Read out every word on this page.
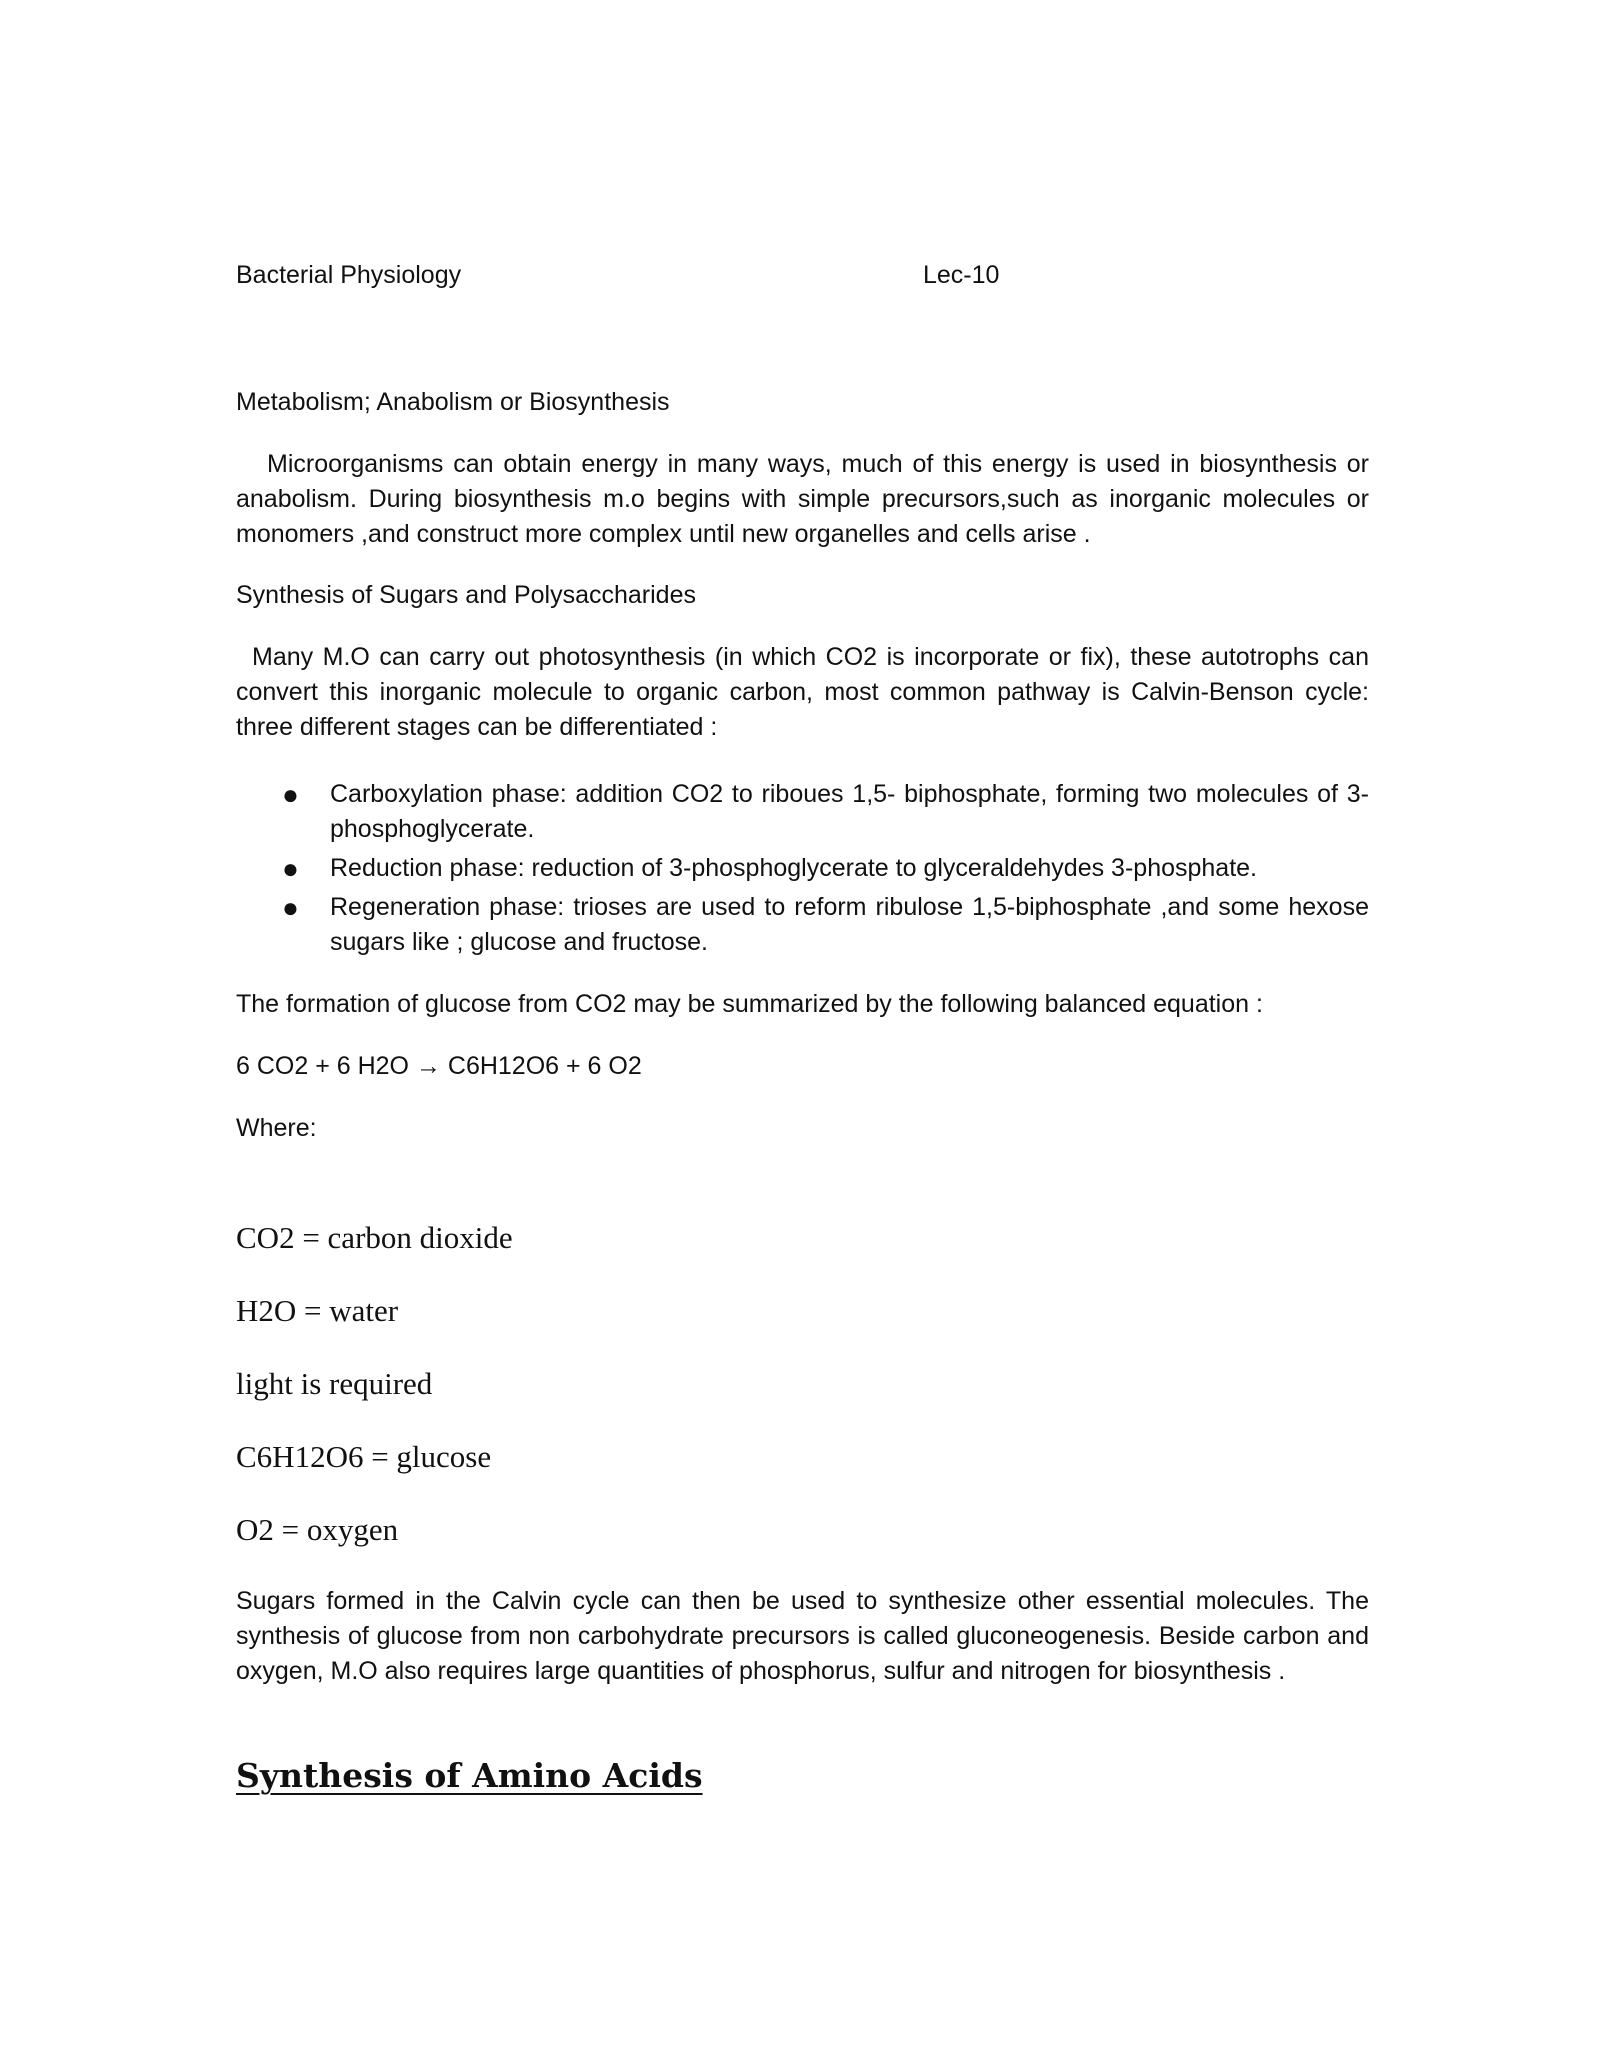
Bacterial Physiology	Lec-10

Metabolism; Anabolism or Biosynthesis

Microorganisms can obtain energy in many ways, much of this energy is used in biosynthesis or anabolism. During biosynthesis m.o begins with simple precursors,such as inorganic molecules or monomers ,and construct more complex until new organelles and cells arise .

Synthesis of Sugars and Polysaccharides

Many M.O can carry out photosynthesis (in which CO2 is incorporate or fix), these autotrophs can convert this inorganic molecule to organic carbon, most common pathway is Calvin-Benson cycle: three different stages can be differentiated :

● Carboxylation phase: addition CO2 to riboues 1,5- biphosphate, forming two molecules of 3-phosphoglycerate.
● Reduction phase: reduction of 3-phosphoglycerate to glyceraldehydes 3-phosphate.
● Regeneration phase: trioses are used to reform ribulose 1,5-biphosphate ,and some hexose sugars like ; glucose and fructose.

The formation of glucose from CO2 may be summarized by the following balanced equation :

6 CO2 + 6 H2O → C6H12O6 + 6 O2

Where:

CO2 = carbon dioxide
H2O = water
light is required
C6H12O6 = glucose
O2 = oxygen

Sugars formed in the Calvin cycle can then be used to synthesize other essential molecules. The synthesis of glucose from non carbohydrate precursors is called gluconeogenesis. Beside carbon and oxygen, M.O also requires large quantities of phosphorus, sulfur and nitrogen for biosynthesis .

Synthesis of Amino Acids
